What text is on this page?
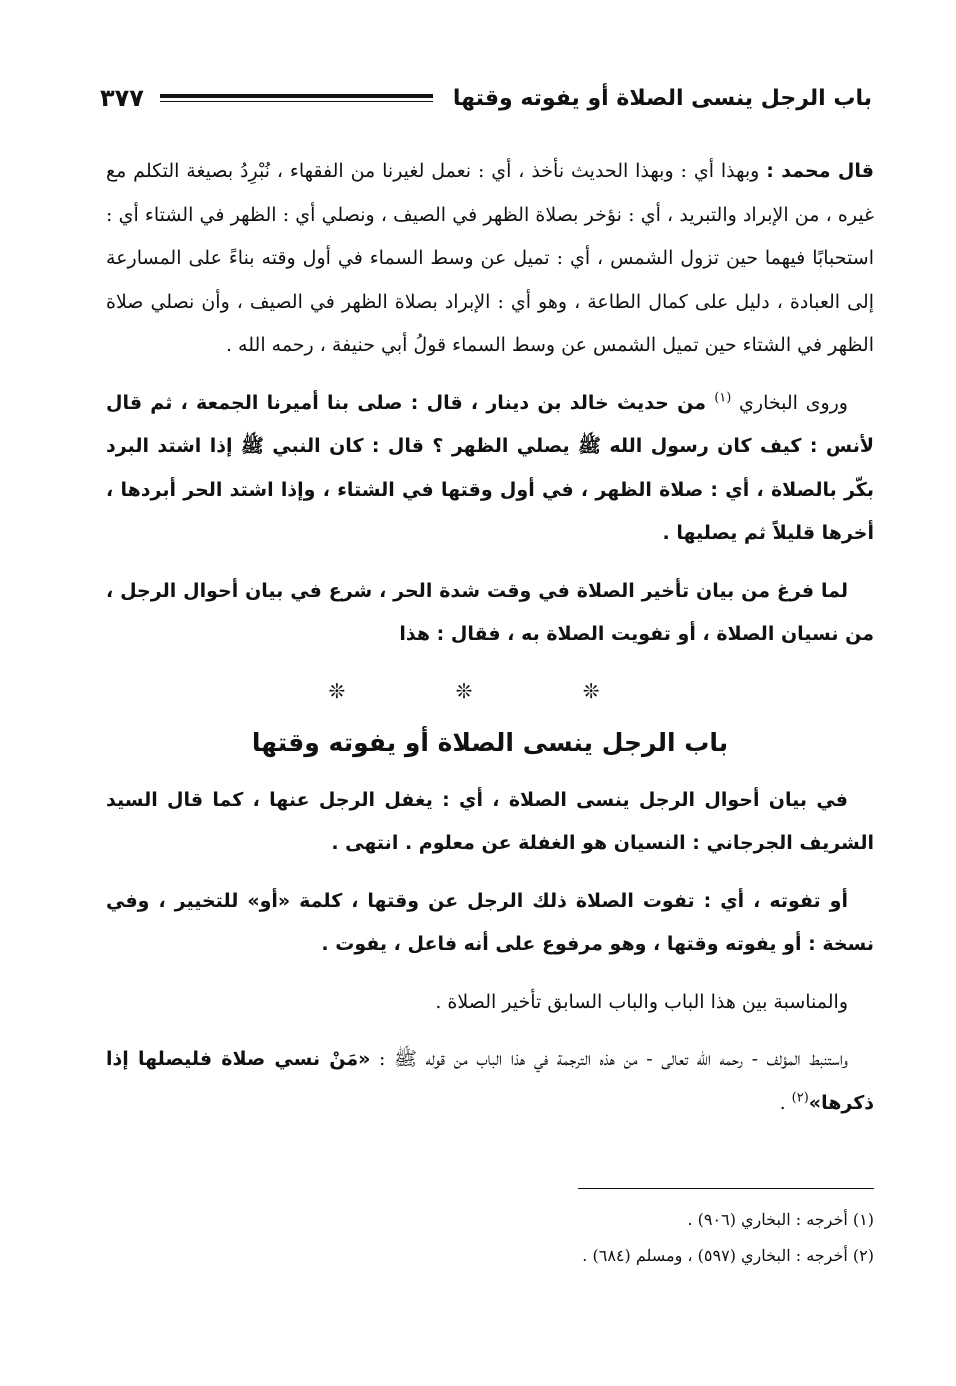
باب الرجل ينسى الصلاة أو يفوته وقتها
٣٧٧

قال محمد : وبهذا أي : وبهذا الحديث نأخذ ، أي : نعمل لغيرنا من الفقهاء ، نُبْرِدُ بصيغة التكلم مع غيره ، من الإبراد والتبريد ، أي : نؤخر بصلاة الظهر في الصيف ، ونصلي أي : الظهر في الشتاء أي : استحبابًا فيهما حين تزول الشمس ، أي : تميل عن وسط السماء في أول وقته بناءً على المسارعة إلى العبادة ، دليل على كمال الطاعة ، وهو أي : الإبراد بصلاة الظهر في الصيف ، وأن نصلي صلاة الظهر في الشتاء حين تميل الشمس عن وسط السماء قولُ أبي حنيفة ، رحمه الله .

وروى البخاري $^{(١)}$ من حديث خالد بن دينار ، قال : صلى بنا أميرنا الجمعة ، ثم قال لأنس : كيف كان رسول الله ﷺ يصلي الظهر ؟ قال : كان النبي ﷺ إذا اشتد البرد بكّر بالصلاة ، أي : صلاة الظهر ، في أول وقتها في الشتاء ، وإذا اشتد الحر أبردها ، أخرها قليلاً ثم يصليها .

لما فرغ من بيان تأخير الصلاة في وقت شدة الحر ، شرع في بيان أحوال الرجل ، من نسيان الصلاة ، أو تفويت الصلاة به ، فقال : هذا

❊ ❊ ❊
باب الرجل ينسى الصلاة أو يفوته وقتها

في بيان أحوال الرجل ينسى الصلاة ، أي : يغفل الرجل عنها ، كما قال السيد الشريف الجرجاني : النسيان هو الغفلة عن معلوم . انتهى .

أو تفوته ، أي : تفوت الصلاة ذلك الرجل عن وقتها ، كلمة «أو» للتخيير ، وفي نسخة : أو يفوته وقتها ، وهو مرفوع على أنه فاعل ، يفوت .

والمناسبة بين هذا الباب والباب السابق تأخير الصلاة .

واستنبط المؤلف - رحمه الله تعالى - من هذه الترجمة في هذا الباب من قوله ﷺ : «مَنْ نسي صلاة فليصلها إذا ذكرها»$^{(٢)}$ .

(١) أخرجه : البخاري (٩٠٦) .

(٢) أخرجه : البخاري (٥٩٧) ، ومسلم (٦٨٤) .
